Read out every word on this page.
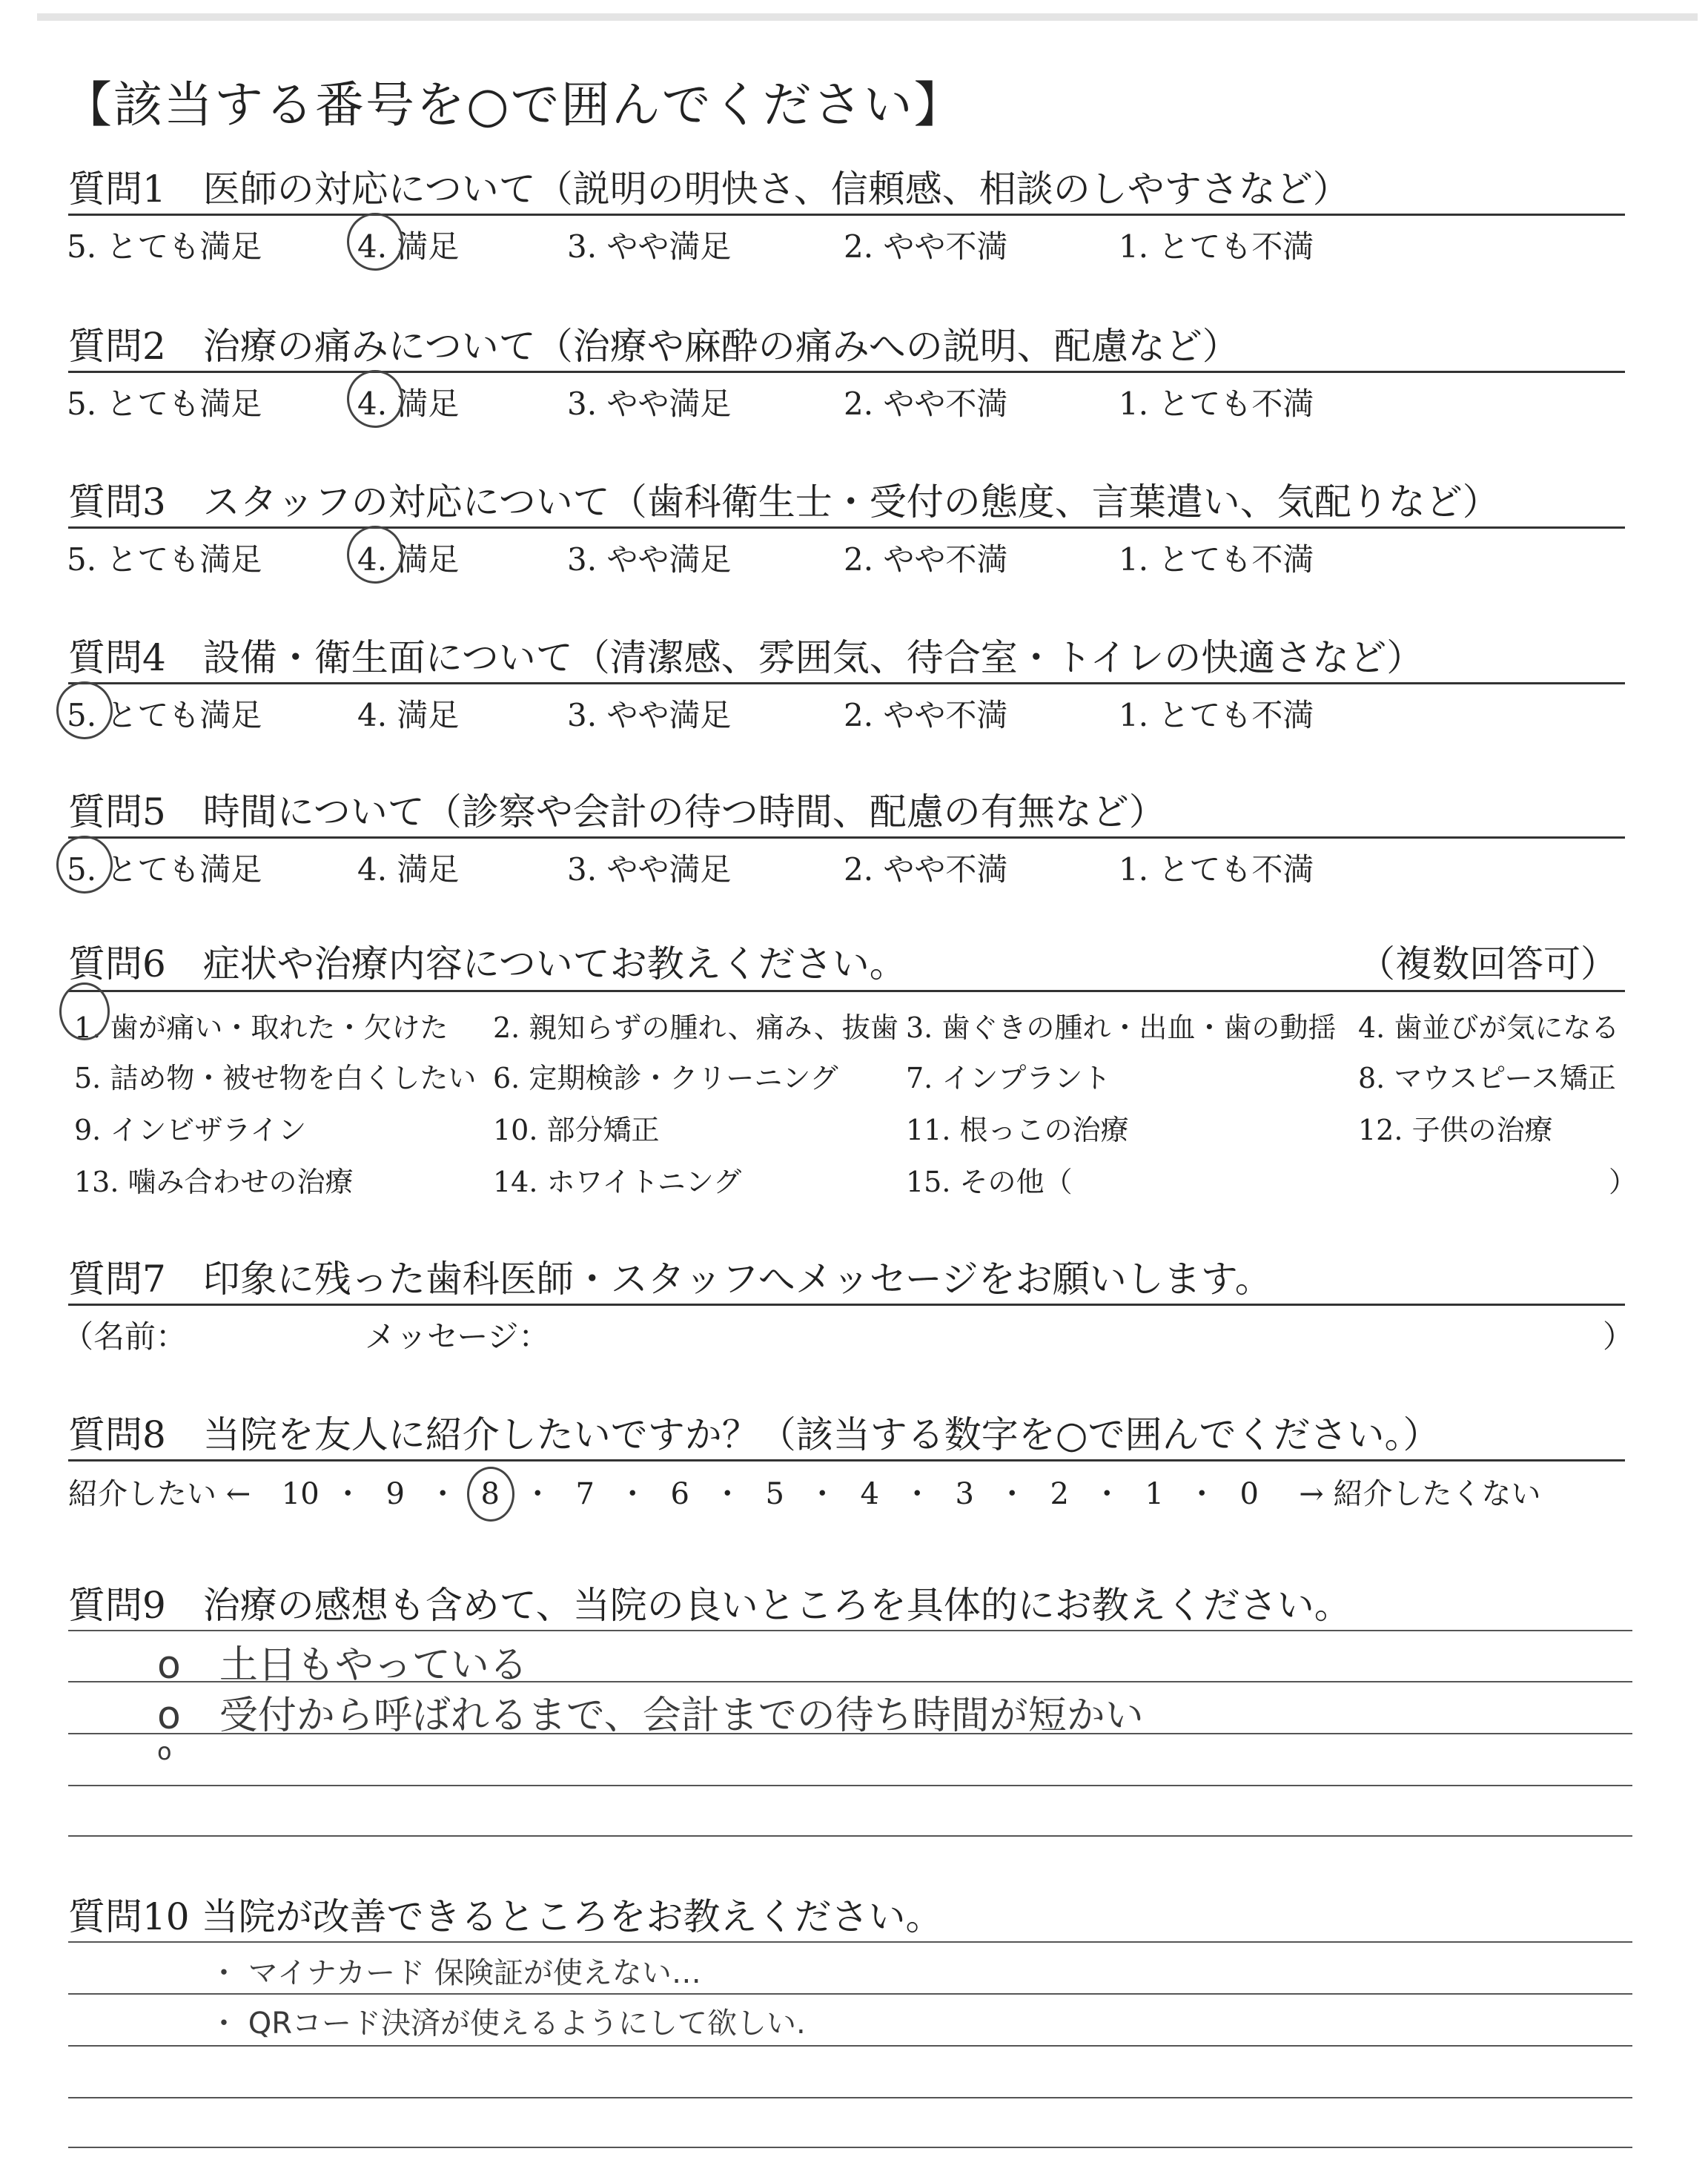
【該当する番号を○で囲んでください】
質問1　医師の対応について（説明の明快さ、信頼感、相談のしやすさなど）
5. とても満足	4. 満足	3. やや満足	2. やや不満	1. とても不満
質問2　治療の痛みについて（治療や麻酔の痛みへの説明、配慮など）
5. とても満足	4. 満足	3. やや満足	2. やや不満	1. とても不満
質問3　スタッフの対応について（歯科衛生士・受付の態度、言葉遣い、気配りなど）
5. とても満足	4. 満足	3. やや満足	2. やや不満	1. とても不満
質問4　設備・衛生面について（清潔感、雰囲気、待合室・トイレの快適さなど）
5. とても満足	4. 満足	3. やや満足	2. やや不満	1. とても不満
質問5　時間について（診察や会計の待つ時間、配慮の有無など）
5. とても満足	4. 満足	3. やや満足	2. やや不満	1. とても不満
質問6　症状や治療内容についてお教えください。	（複数回答可）
1. 歯が痛い・取れた・欠けた 2. 親知らずの腫れ、痛み、抜歯 3. 歯ぐきの腫れ・出血・歯の動揺 4. 歯並びが気になる
5. 詰め物・被せ物を白くしたい 6. 定期検診・クリーニング 7. インプラント	8. マウスピース矯正
9. インビザライン	10. 部分矯正	11. 根っこの治療	12. 子供の治療
13. 噛み合わせの治療	14. ホワイトニング	15. その他（	）
質問7　印象に残った歯科医師・スタッフへメッセージをお願いします。
（名前：	メッセージ：	）
質問8　当院を友人に紹介したいですか？（該当する数字を○で囲んでください。）
紹介したい ← 10 ・ 9 ・ 8 ・ 7 ・ 6 ・ 5 ・ 4 ・ 3 ・ 2 ・ 1 ・ 0 → 紹介したくない
質問9　治療の感想も含めて、当院の良いところを具体的にお教えください。
o　土日もやっている
o　受付から呼ばれるまで、会計までの待ち時間が短かい
o
質問10 当院が改善できるところをお教えください。
・ マイナカード 保険証が使えない…
・ QRコード決済が使えるようにして欲しい.
